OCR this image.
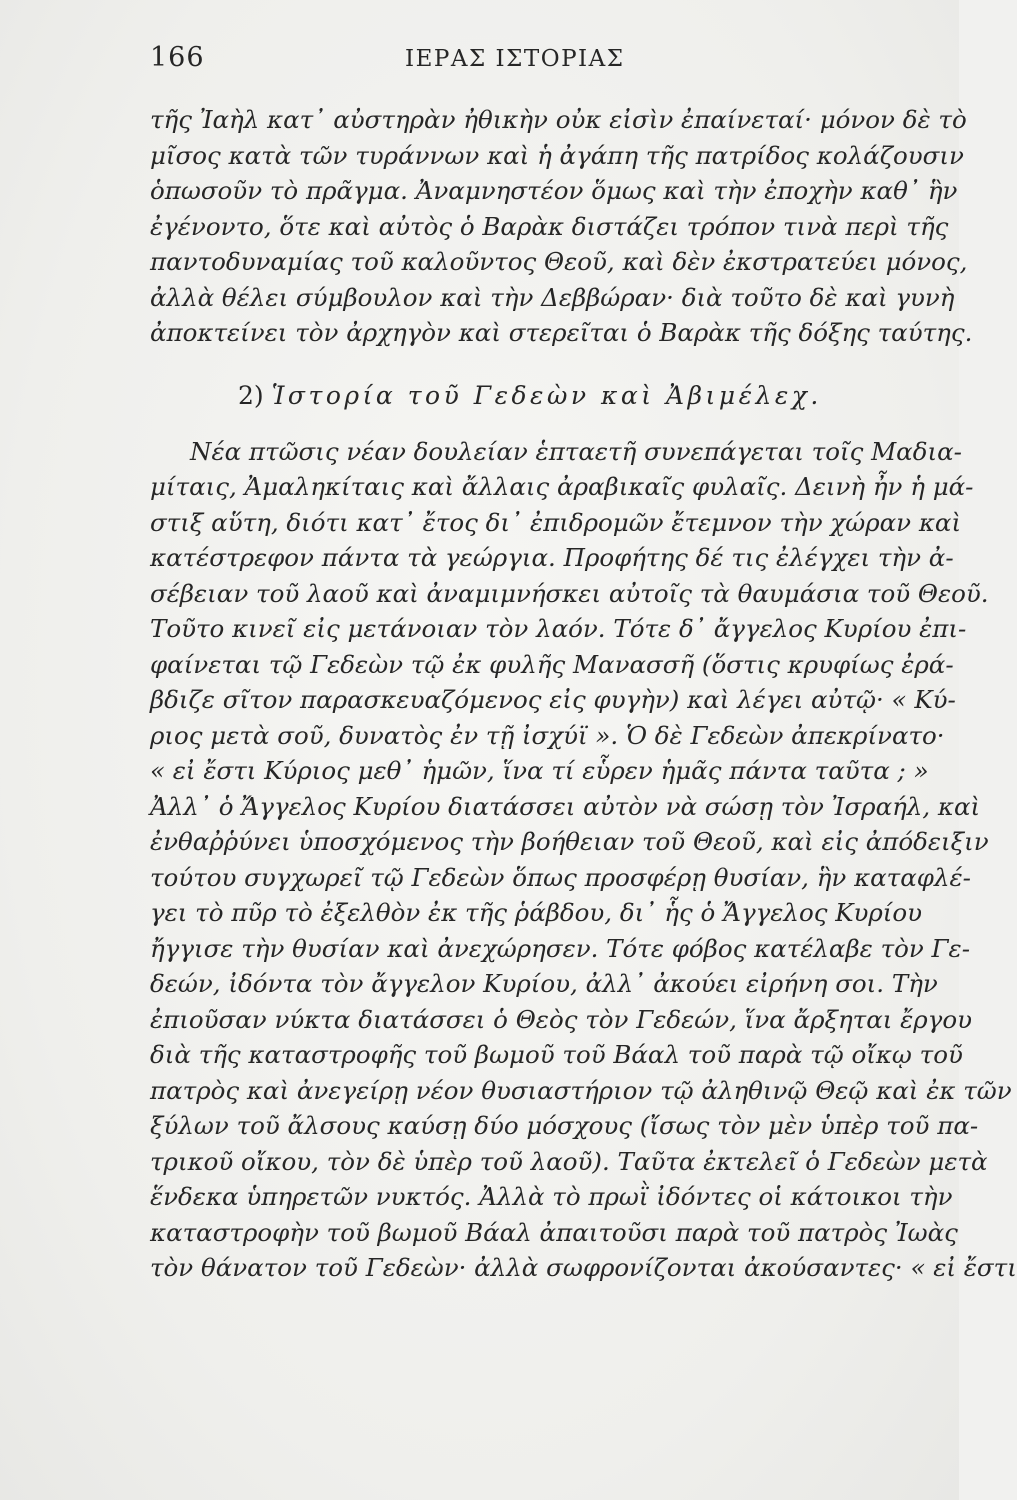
166	ΙΕΡΑΣ ΙΣΤΟΡΙΑΣ
τῆς Ἰαὴλ κατ᾽ αὐστηρὰν ἠθικὴν οὐκ εἰσὶν ἐπαίνεταί· μόνον δὲ τὸ
μῖσος κατὰ τῶν τυράννων καὶ ἡ ἀγάπη τῆς πατρίδος κολάζουσιν
ὁπωσοῦν τὸ πρᾶγμα. Ἀναμνηστέον ὅμως καὶ τὴν ἐποχὴν καθ᾽ ἣν
ἐγένοντο, ὅτε καὶ αὐτὸς ὁ Βαρὰκ διστάζει τρόπον τινὰ περὶ τῆς
παντοδυναμίας τοῦ καλοῦντος Θεοῦ, καὶ δὲν ἐκστρατεύει μόνος,
ἀλλὰ θέλει σύμβουλον καὶ τὴν Δεββώραν· διὰ τοῦτο δὲ καὶ γυνὴ
ἀποκτείνει τὸν ἀρχηγὸν καὶ στερεῖται ὁ Βαρὰκ τῆς δόξης ταύτης.
2) Ἱστορία τοῦ Γεδεὼν καὶ Ἀβιμέλεχ.
Νέα πτῶσις νέαν δουλείαν ἑπταετῆ συνεπάγεται τοῖς Μαδια-
μίταις, Ἀμαληκίταις καὶ ἄλλαις ἀραβικαῖς φυλαῖς. Δεινὴ ἦν ἡ μά-
στιξ αὕτη, διότι κατ᾽ ἔτος δι᾽ ἐπιδρομῶν ἔτεμνον τὴν χώραν καὶ
κατέστρεφον πάντα τὰ γεώργια. Προφήτης δέ τις ἐλέγχει τὴν ἀ-
σέβειαν τοῦ λαοῦ καὶ ἀναμιμνήσκει αὐτοῖς τὰ θαυμάσια τοῦ Θεοῦ.
Τοῦτο κινεῖ εἰς μετάνοιαν τὸν λαόν. Τότε δ᾽ ἄγγελος Κυρίου ἐπι-
φαίνεται τῷ Γεδεὼν τῷ ἐκ φυλῆς Μανασσῆ (ὅστις κρυφίως ἐρά-
βδιζε σῖτον παρασκευαζόμενος εἰς φυγὴν) καὶ λέγει αὐτῷ· « Κύ-
ριος μετὰ σοῦ, δυνατὸς ἐν τῇ ἰσχύϊ ». Ὁ δὲ Γεδεὼν ἀπεκρίνατο·
« εἰ ἔστι Κύριος μεθ᾽ ἡμῶν, ἵνα τί εὗρεν ἡμᾶς πάντα ταῦτα ; »
Ἀλλ᾽ ὁ Ἄγγελος Κυρίου διατάσσει αὐτὸν νὰ σώσῃ τὸν Ἰσραήλ, καὶ
ἐνθαῤῥύνει ὑποσχόμενος τὴν βοήθειαν τοῦ Θεοῦ, καὶ εἰς ἀπόδειξιν
τούτου συγχωρεῖ τῷ Γεδεὼν ὅπως προσφέρῃ θυσίαν, ἣν καταφλέ-
γει τὸ πῦρ τὸ ἐξελθὸν ἐκ τῆς ῥάβδου, δι᾽ ἧς ὁ Ἄγγελος Κυρίου
ἤγγισε τὴν θυσίαν καὶ ἀνεχώρησεν. Τότε φόβος κατέλαβε τὸν Γε-
δεών, ἰδόντα τὸν ἄγγελον Κυρίου, ἀλλ᾽ ἀκούει εἰρήνη σοι. Τὴν
ἐπιοῦσαν νύκτα διατάσσει ὁ Θεὸς τὸν Γεδεών, ἵνα ἄρξηται ἔργου
διὰ τῆς καταστροφῆς τοῦ βωμοῦ τοῦ Βάαλ τοῦ παρὰ τῷ οἴκῳ τοῦ
πατρὸς καὶ ἀνεγείρῃ νέον θυσιαστήριον τῷ ἀληθινῷ Θεῷ καὶ ἐκ τῶν
ξύλων τοῦ ἄλσους καύσῃ δύο μόσχους (ἴσως τὸν μὲν ὑπὲρ τοῦ πα-
τρικοῦ οἴκου, τὸν δὲ ὑπὲρ τοῦ λαοῦ). Ταῦτα ἐκτελεῖ ὁ Γεδεὼν μετὰ
ἕνδεκα ὑπηρετῶν νυκτός. Ἀλλὰ τὸ πρωῒ ἰδόντες οἱ κάτοικοι τὴν
καταστροφὴν τοῦ βωμοῦ Βάαλ ἀπαιτοῦσι παρὰ τοῦ πατρὸς Ἰωὰς
τὸν θάνατον τοῦ Γεδεὼν· ἀλλὰ σωφρονίζονται ἀκούσαντες· « εἰ ἔστι
